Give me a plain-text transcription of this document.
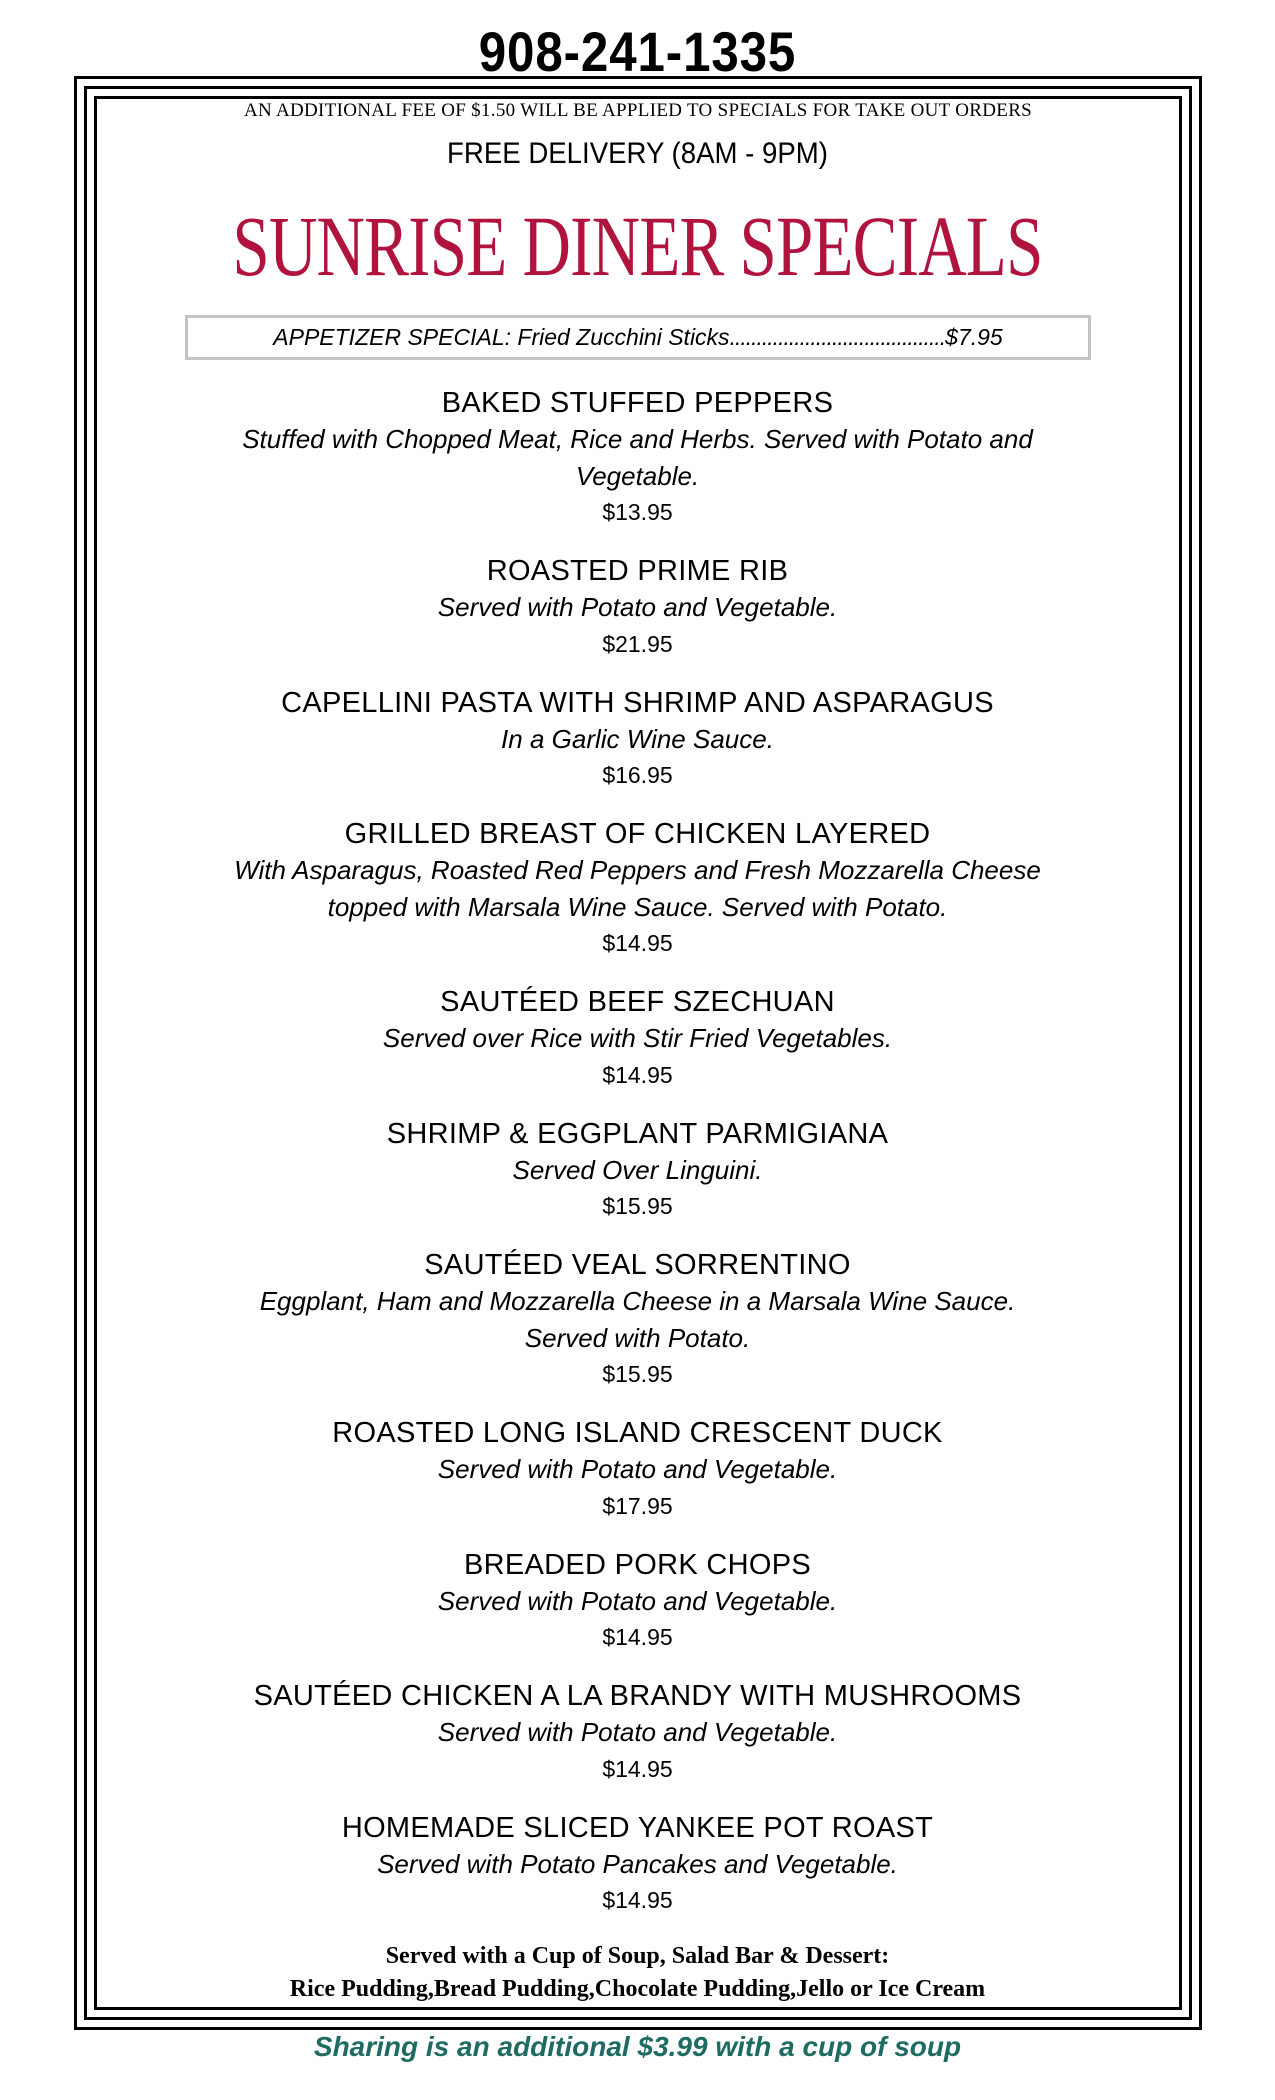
908-241-1335
AN ADDITIONAL FEE OF $1.50 WILL BE APPLIED TO SPECIALS FOR TAKE OUT ORDERS
FREE DELIVERY (8AM - 9PM)
SUNRISE DINER SPECIALS
APPETIZER SPECIAL: Fried Zucchini Sticks ........................................ $7.95
BAKED STUFFED PEPPERS
Stuffed with Chopped Meat, Rice and Herbs. Served with Potato and
Vegetable.
$13.95
ROASTED PRIME RIB
Served with Potato and Vegetable.
$21.95
CAPELLINI PASTA WITH SHRIMP AND ASPARAGUS
In a Garlic Wine Sauce.
$16.95
GRILLED BREAST OF CHICKEN LAYERED
With Asparagus, Roasted Red Peppers and Fresh Mozzarella Cheese
topped with Marsala Wine Sauce. Served with Potato.
$14.95
SAUTÉED BEEF SZECHUAN
Served over Rice with Stir Fried Vegetables.
$14.95
SHRIMP & EGGPLANT PARMIGIANA
Served Over Linguini.
$15.95
SAUTÉED VEAL SORRENTINO
Eggplant, Ham and Mozzarella Cheese in a Marsala Wine Sauce.
Served with Potato.
$15.95
ROASTED LONG ISLAND CRESCENT DUCK
Served with Potato and Vegetable.
$17.95
BREADED PORK CHOPS
Served with Potato and Vegetable.
$14.95
SAUTÉED CHICKEN A LA BRANDY WITH MUSHROOMS
Served with Potato and Vegetable.
$14.95
HOMEMADE SLICED YANKEE POT ROAST
Served with Potato Pancakes and Vegetable.
$14.95
Served with a Cup of Soup, Salad Bar & Dessert:
Rice Pudding,Bread Pudding,Chocolate Pudding,Jello or Ice Cream
Sharing is an additional $3.99 with a cup of soup
